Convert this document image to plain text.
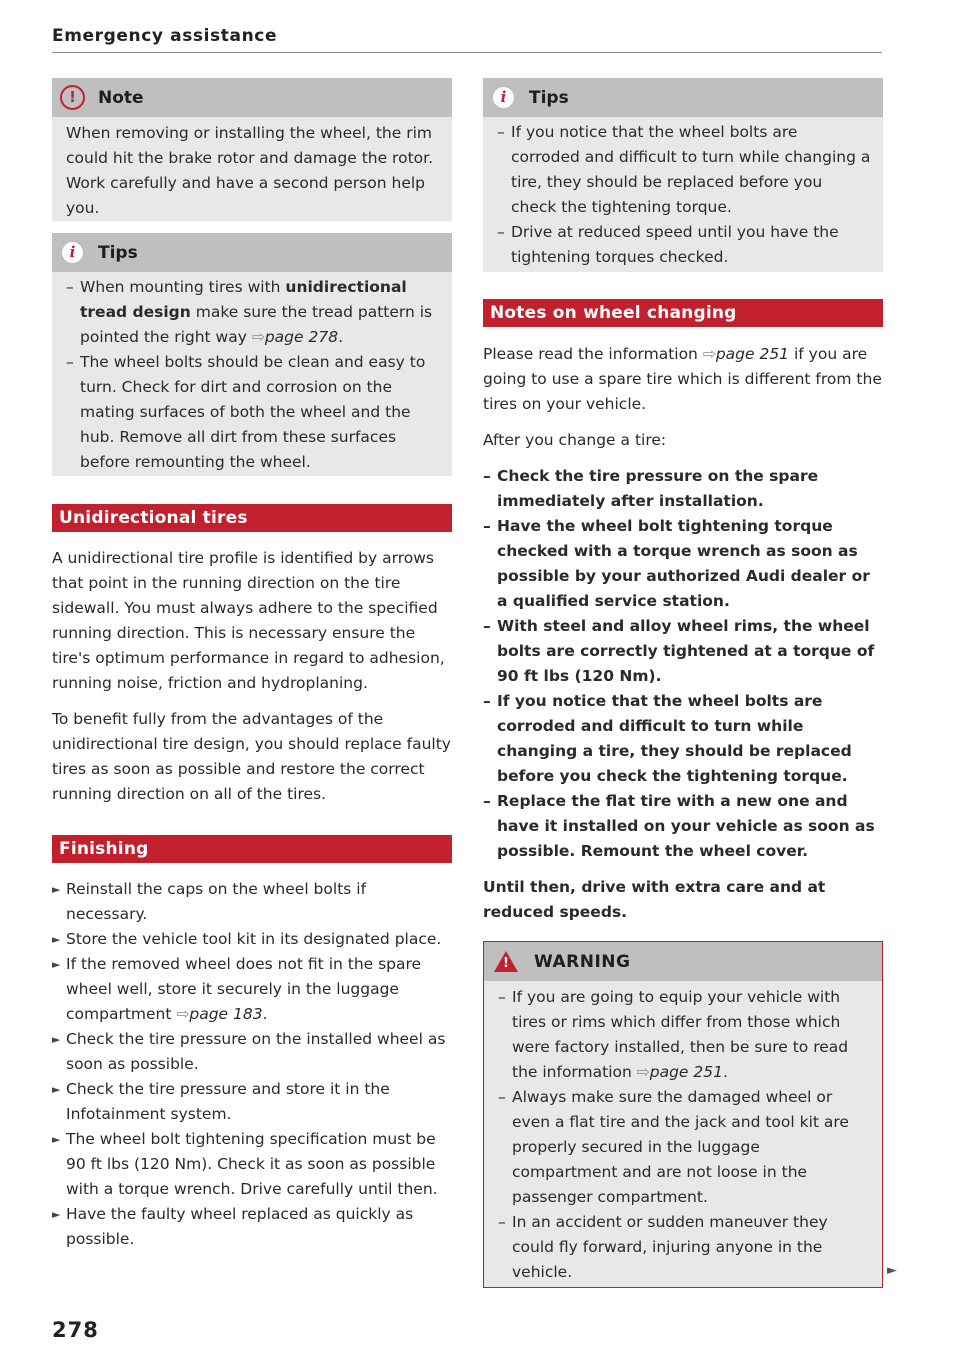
Emergency assistance
!	Note

When removing or installing the wheel, the rim could hit the brake rotor and damage the rotor. Work carefully and have a second person help you.

i Tips
– When mounting tires with unidirectional tread design make sure the tread pattern is pointed the right way ⇨page 278.
– The wheel bolts should be clean and easy to turn. Check for dirt and corrosion on the mating surfaces of both the wheel and the hub. Remove all dirt from these surfaces before remounting the wheel.
Unidirectional tires

A unidirectional tire profile is identified by arrows that point in the running direction on the tire sidewall. You must always adhere to the specified running direction. This is necessary ensure the tire's optimum performance in regard to adhesion, running noise, friction and hydroplaning.

To benefit fully from the advantages of the unidirectional tire design, you should replace faulty tires as soon as possible and restore the correct running direction on all of the tires.

Finishing
► Reinstall the caps on the wheel bolts if necessary.
► Store the vehicle tool kit in its designated place.
► If the removed wheel does not fit in the spare wheel well, store it securely in the luggage compartment ⇨page 183.
► Check the tire pressure on the installed wheel as soon as possible.
► Check the tire pressure and store it in the Infotainment system.
► The wheel bolt tightening specification must be 90 ft lbs (120 Nm). Check it as soon as possible with a torque wrench. Drive carefully until then.
► Have the faulty wheel replaced as quickly as possible.
i Tips
– If you notice that the wheel bolts are corroded and difficult to turn while changing a tire, they should be replaced before you check the tightening torque.
– Drive at reduced speed until you have the tightening torques checked.
Notes on wheel changing

Please read the information ⇨page 251 if you are going to use a spare tire which is different from the tires on your vehicle.

After you change a tire:

– Check the tire pressure on the spare immediately after installation.
– Have the wheel bolt tightening torque checked with a torque wrench as soon as possible by your authorized Audi dealer or a qualified service station.
– With steel and alloy wheel rims, the wheel bolts are correctly tightened at a torque of 90 ft lbs (120 Nm).
– If you notice that the wheel bolts are corroded and difficult to turn while changing a tire, they should be replaced before you check the tightening torque.
– Replace the flat tire with a new one and have it installed on your vehicle as soon as possible. Remount the wheel cover.

Until then, drive with extra care and at reduced speeds.

!
WARNING
– If you are going to equip your vehicle with tires or rims which differ from those which were factory installed, then be sure to read the information ⇨page 251.
– Always make sure the damaged wheel or even a flat tire and the jack and tool kit are properly secured in the luggage compartment and are not loose in the passenger compartment.
– In an accident or sudden maneuver they could fly forward, injuring anyone in the vehicle.	►
278
